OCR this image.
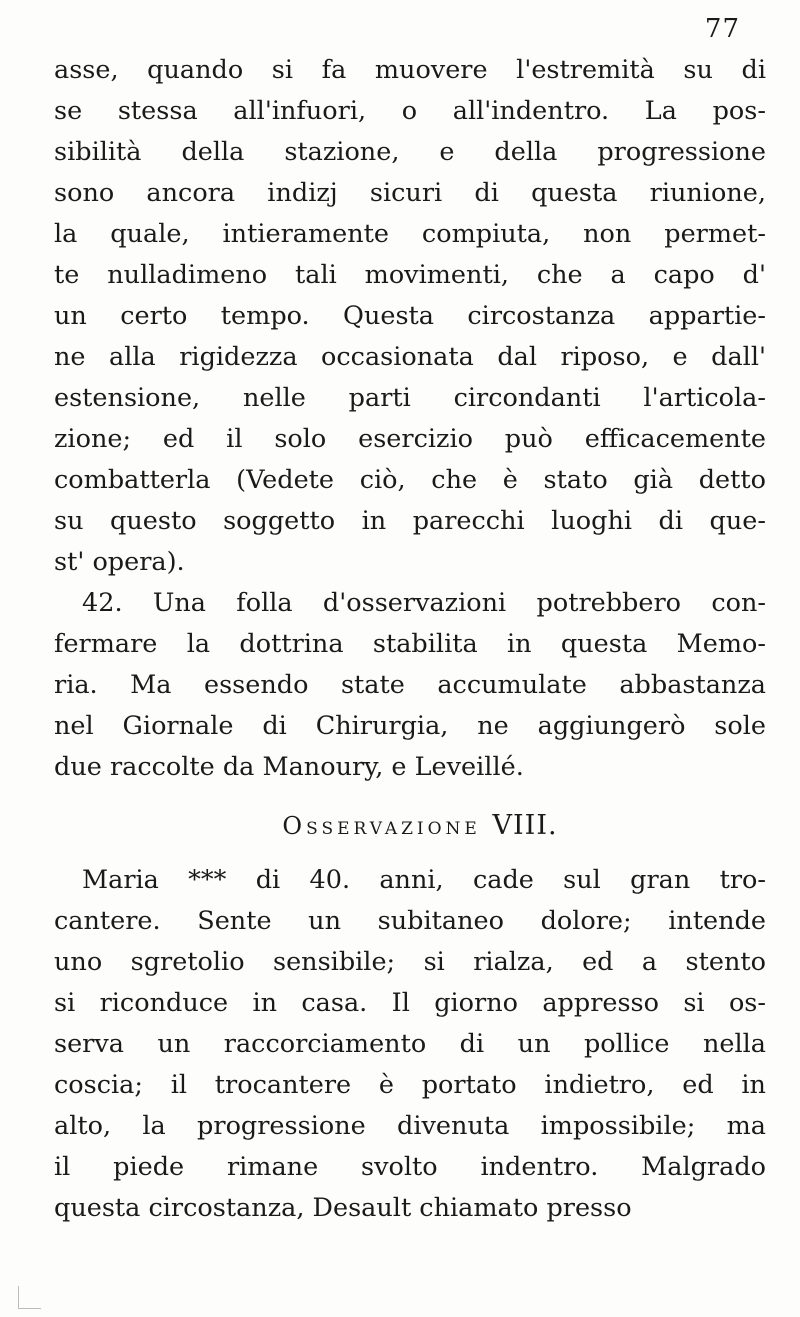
77
asse, quando si fa muovere l'estremità su di
se stessa all'infuori, o all'indentro. La pos-
sibilità della stazione, e della progressione
sono ancora indizj sicuri di questa riunione,
la quale, intieramente compiuta, non permet-
te nulladimeno tali movimenti, che a capo d'
un certo tempo. Questa circostanza appartie-
ne alla rigidezza occasionata dal riposo, e dall'
estensione, nelle parti circondanti l'articola-
zione; ed il solo esercizio può efficacemente
combatterla (Vedete ciò, che è stato già detto
su questo soggetto in parecchi luoghi di que-
st' opera).
42. Una folla d'osservazioni potrebbero con-
fermare la dottrina stabilita in questa Memo-
ria. Ma essendo state accumulate abbastanza
nel Giornale di Chirurgia, ne aggiungerò sole
due raccolte da Manoury, e Leveillé.
Osservazione VIII.
Maria *** di 40. anni, cade sul gran tro-
cantere. Sente un subitaneo dolore; intende
uno sgretolio sensibile; si rialza, ed a stento
si riconduce in casa. Il giorno appresso si os-
serva un raccorciamento di un pollice nella
coscia; il trocantere è portato indietro, ed in
alto, la progressione divenuta impossibile; ma
il piede rimane svolto indentro. Malgrado
questa circostanza, Desault chiamato presso
